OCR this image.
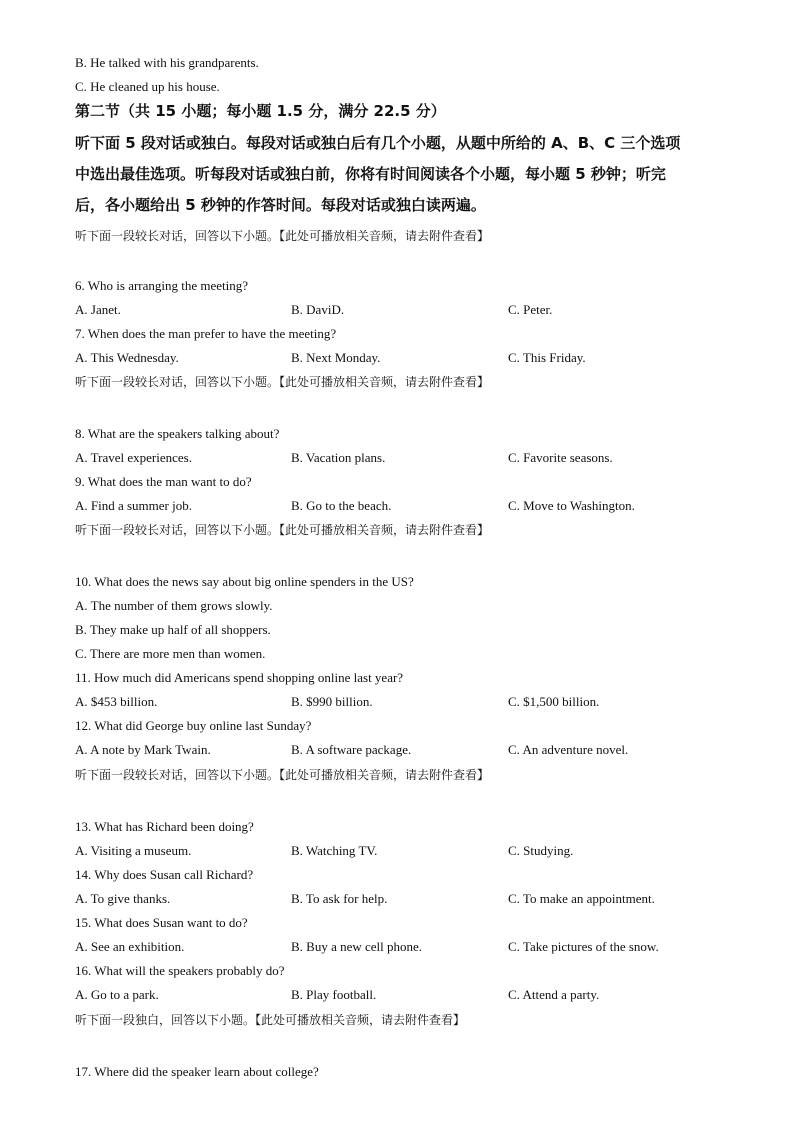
B. He talked with his grandparents.
C. He cleaned up his house.
第二节（共 15 小题；每小题 1.5 分，满分 22.5 分）
听下面 5 段对话或独白。每段对话或独白后有几个小题，从题中所给的 A、B、C 三个选项
中选出最佳选项。听每段对话或独白前，你将有时间阅读各个小题，每小题 5 秒钟；听完
后，各小题给出 5 秒钟的作答时间。每段对话或独白读两遍。
听下面一段较长对话，回答以下小题。【此处可播放相关音频，请去附件查看】
6. Who is arranging the meeting?
A. Janet.	B. DaviD.	C. Peter.
7. When does the man prefer to have the meeting?
A. This Wednesday.	B. Next Monday.	C. This Friday.
听下面一段较长对话，回答以下小题。【此处可播放相关音频，请去附件查看】
8. What are the speakers talking about?
A. Travel experiences.	B. Vacation plans.	C. Favorite seasons.
9. What does the man want to do?
A. Find a summer job.	B. Go to the beach.	C. Move to Washington.
听下面一段较长对话，回答以下小题。【此处可播放相关音频，请去附件查看】
10. What does the news say about big online spenders in the US?
A. The number of them grows slowly.
B. They make up half of all shoppers.
C. There are more men than women.
11. How much did Americans spend shopping online last year?
A. $453 billion.	B. $990 billion.	C. $1,500 billion.
12. What did George buy online last Sunday?
A. A note by Mark Twain.	B. A software package.	C. An adventure novel.
听下面一段较长对话，回答以下小题。【此处可播放相关音频，请去附件查看】
13. What has Richard been doing?
A. Visiting a museum.	B. Watching TV.	C. Studying.
14. Why does Susan call Richard?
A. To give thanks.	B. To ask for help.	C. To make an appointment.
15. What does Susan want to do?
A. See an exhibition.	B. Buy a new cell phone.	C. Take pictures of the snow.
16. What will the speakers probably do?
A. Go to a park.	B. Play football.	C. Attend a party.
听下面一段独白，回答以下小题。【此处可播放相关音频，请去附件查看】
17. Where did the speaker learn about college?
